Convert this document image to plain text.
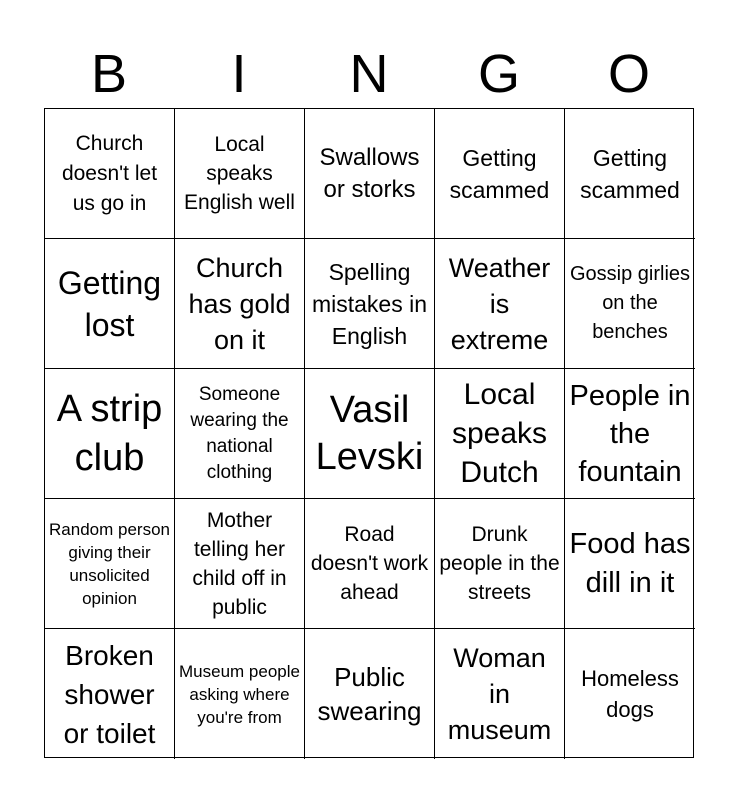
B	I	N	G	O
Church doesn't let us go in
Local speaks English well
Swallows or storks
Getting scammed
Getting scammed
Getting lost
Church has gold on it
Spelling mistakes in English
Weather is extreme
Gossip girlies on the benches
A strip club
Someone wearing the national clothing
Vasil Levski
Local speaks Dutch
People in the fountain
Random person giving their unsolicited opinion
Mother telling her child off in public
Road doesn't work ahead
Drunk people in the streets
Food has dill in it
Broken shower or toilet
Museum people asking where you're from
Public swearing
Woman in museum
Homeless dogs
